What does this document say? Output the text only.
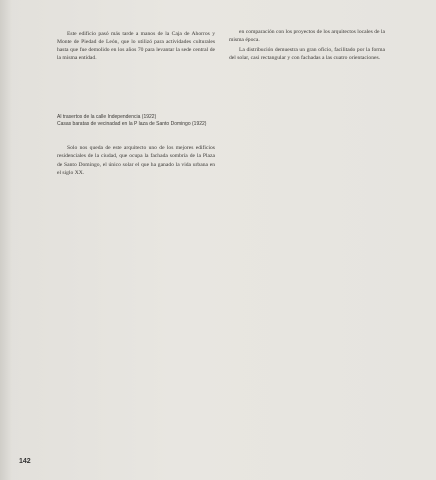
Este edificio pasó más tarde a manos de la Caja de Ahorros y Monte de Piedad de León, que lo utilizó para actividades culturales hasta que fue demolido en los años 70 para levantar la sede central de la misma entidad.

Al trasertos de la calle Independencia (1922)
Casas baratas de vecinadad en la P laza de Santo Domingo (1922)

Solo nos queda de este arquitecto uno de los mejores edificios residenciales de la ciudad, que ocupa la fachada sombría de la Plaza de Santo Domingo, el único solar el que ha ganado la vida urbana en el siglo XX.

en comparación con los proyectos de los arquitectos locales de la misma época.

La distribución demuestra un gran oficio, facilitado por la forma del solar, casi rectangular y con fachadas a las cuatro orientaciones.

142
